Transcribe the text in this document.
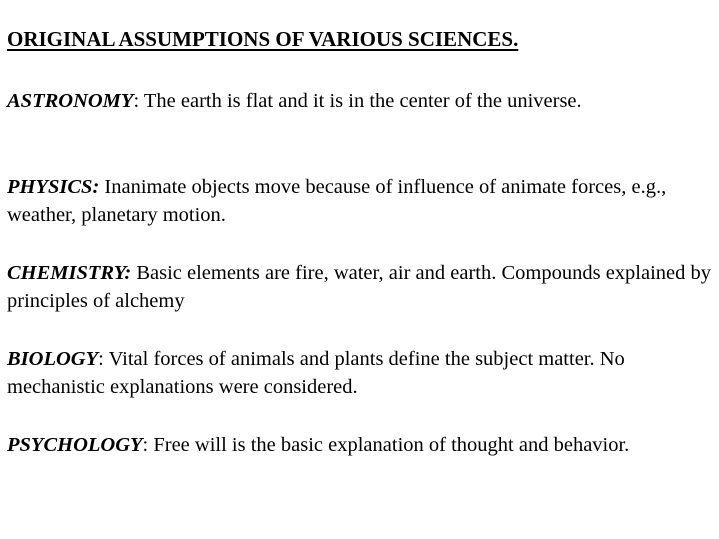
ORIGINAL ASSUMPTIONS OF VARIOUS SCIENCES.

ASTRONOMY: The earth is flat and it is in the center of the universe.

PHYSICS: Inanimate objects move because of influence of animate forces, e.g., weather, planetary motion.

CHEMISTRY: Basic elements are fire, water, air and earth. Compounds explained by principles of alchemy

BIOLOGY: Vital forces of animals and plants define the subject matter. No mechanistic explanations were considered.

PSYCHOLOGY: Free will is the basic explanation of thought and behavior.
